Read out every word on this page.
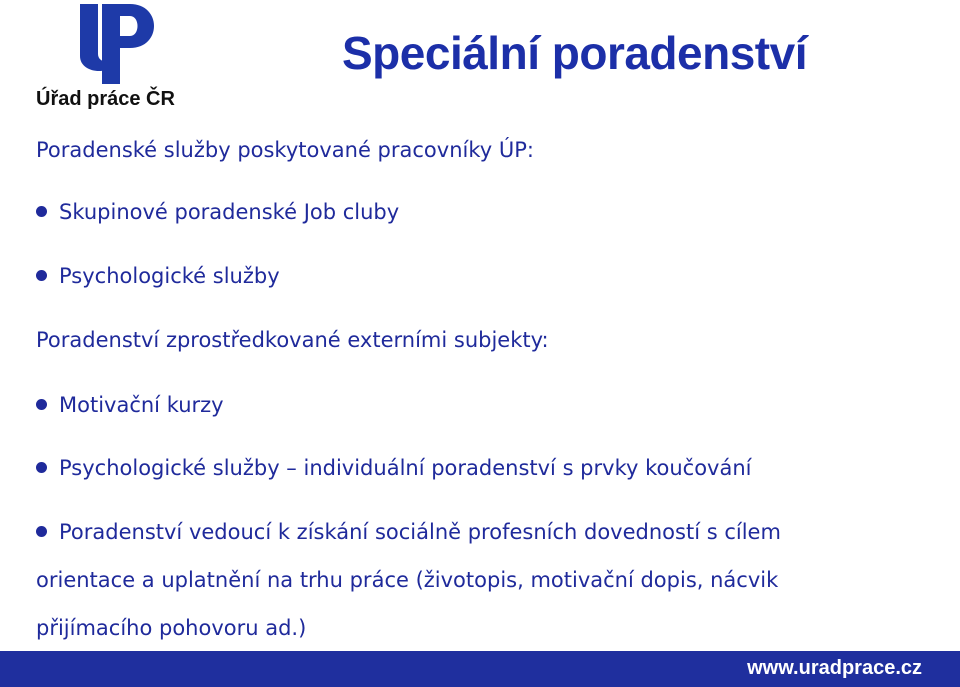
Úřad práce ČR
Speciální poradenství
Poradenské služby poskytované pracovníky ÚP:
Skupinové poradenské Job cluby
Psychologické služby
Poradenství zprostředkované externími subjekty:
Motivační kurzy
Psychologické služby – individuální poradenství s prvky koučování
Poradenství vedoucí k získání sociálně profesních dovedností s cílem
orientace a uplatnění na trhu práce (životopis, motivační dopis, nácvik
přijímacího pohovoru ad.)
www.uradprace.cz
